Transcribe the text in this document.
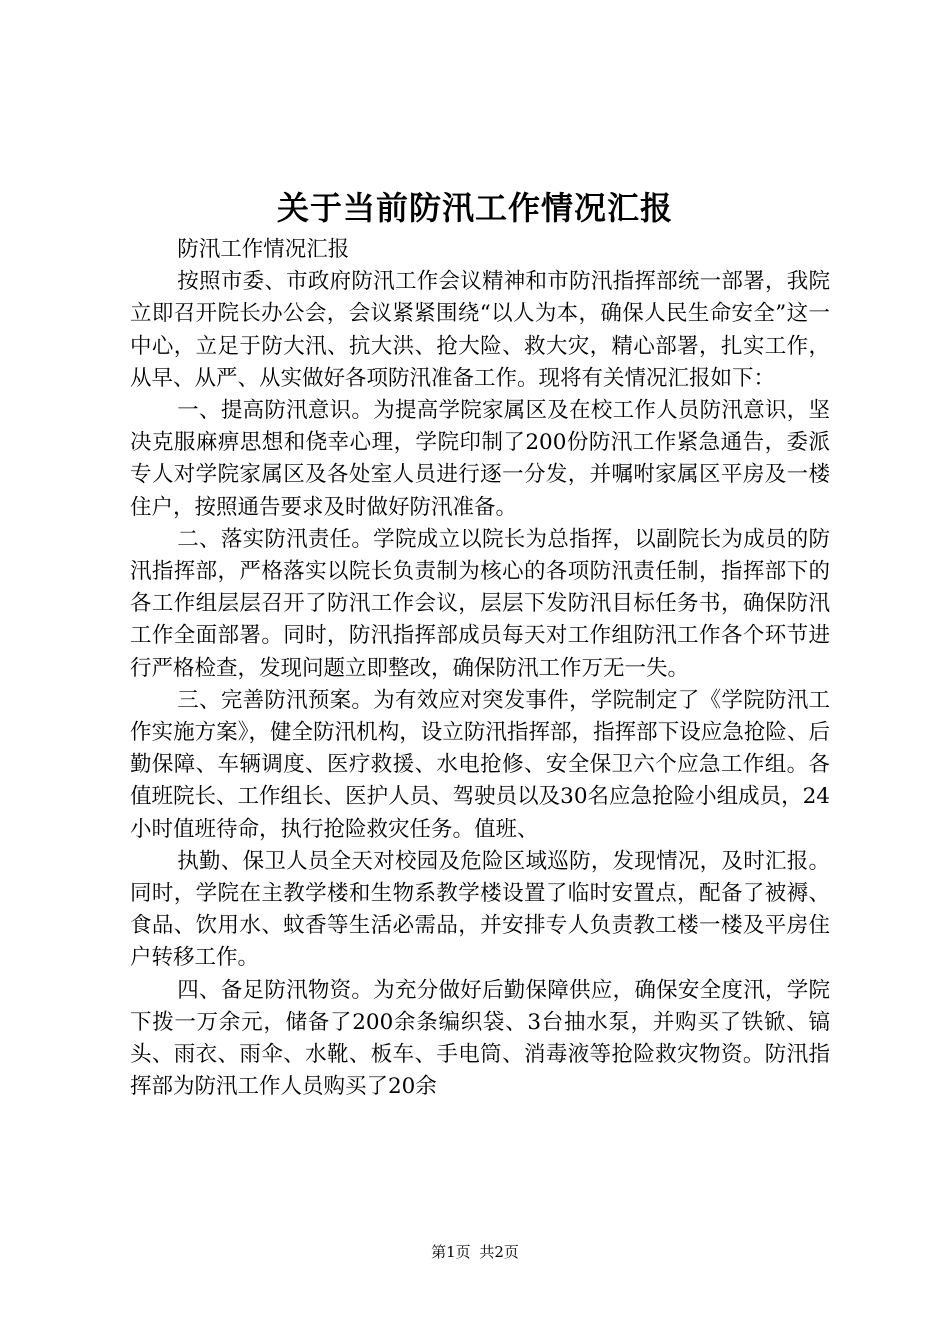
关于当前防汛工作情况汇报

防汛工作情况汇报

按照市委、市政府防汛工作会议精神和市防汛指挥部统一部署，我院立即召开院长办公会，会议紧紧围绕“以人为本，确保人民生命安全”这一中心，立足于防大汛、抗大洪、抢大险、救大灾，精心部署，扎实工作，从早、从严、从实做好各项防汛准备工作。现将有关情况汇报如下：

一、提高防汛意识。为提高学院家属区及在校工作人员防汛意识，坚决克服麻痹思想和侥幸心理，学院印制了200份防汛工作紧急通告，委派专人对学院家属区及各处室人员进行逐一分发，并嘱咐家属区平房及一楼住户，按照通告要求及时做好防汛准备。

二、落实防汛责任。学院成立以院长为总指挥，以副院长为成员的防汛指挥部，严格落实以院长负责制为核心的各项防汛责任制，指挥部下的各工作组层层召开了防汛工作会议，层层下发防汛目标任务书，确保防汛工作全面部署。同时，防汛指挥部成员每天对工作组防汛工作各个环节进行严格检查，发现问题立即整改，确保防汛工作万无一失。

三、完善防汛预案。为有效应对突发事件，学院制定了《学院防汛工作实施方案》，健全防汛机构，设立防汛指挥部，指挥部下设应急抢险、后勤保障、车辆调度、医疗救援、水电抢修、安全保卫六个应急工作组。各值班院长、工作组长、医护人员、驾驶员以及30名应急抢险小组成员，24小时值班待命，执行抢险救灾任务。值班、

执勤、保卫人员全天对校园及危险区域巡防，发现情况，及时汇报。同时，学院在主教学楼和生物系教学楼设置了临时安置点，配备了被褥、食品、饮用水、蚊香等生活必需品，并安排专人负责教工楼一楼及平房住户转移工作。

四、备足防汛物资。为充分做好后勤保障供应，确保安全度汛，学院下拨一万余元，储备了200余条编织袋、3台抽水泵，并购买了铁锨、镐头、雨衣、雨伞、水靴、板车、手电筒、消毒液等抢险救灾物资。防汛指挥部为防汛工作人员购买了20余

第1页 共2页
